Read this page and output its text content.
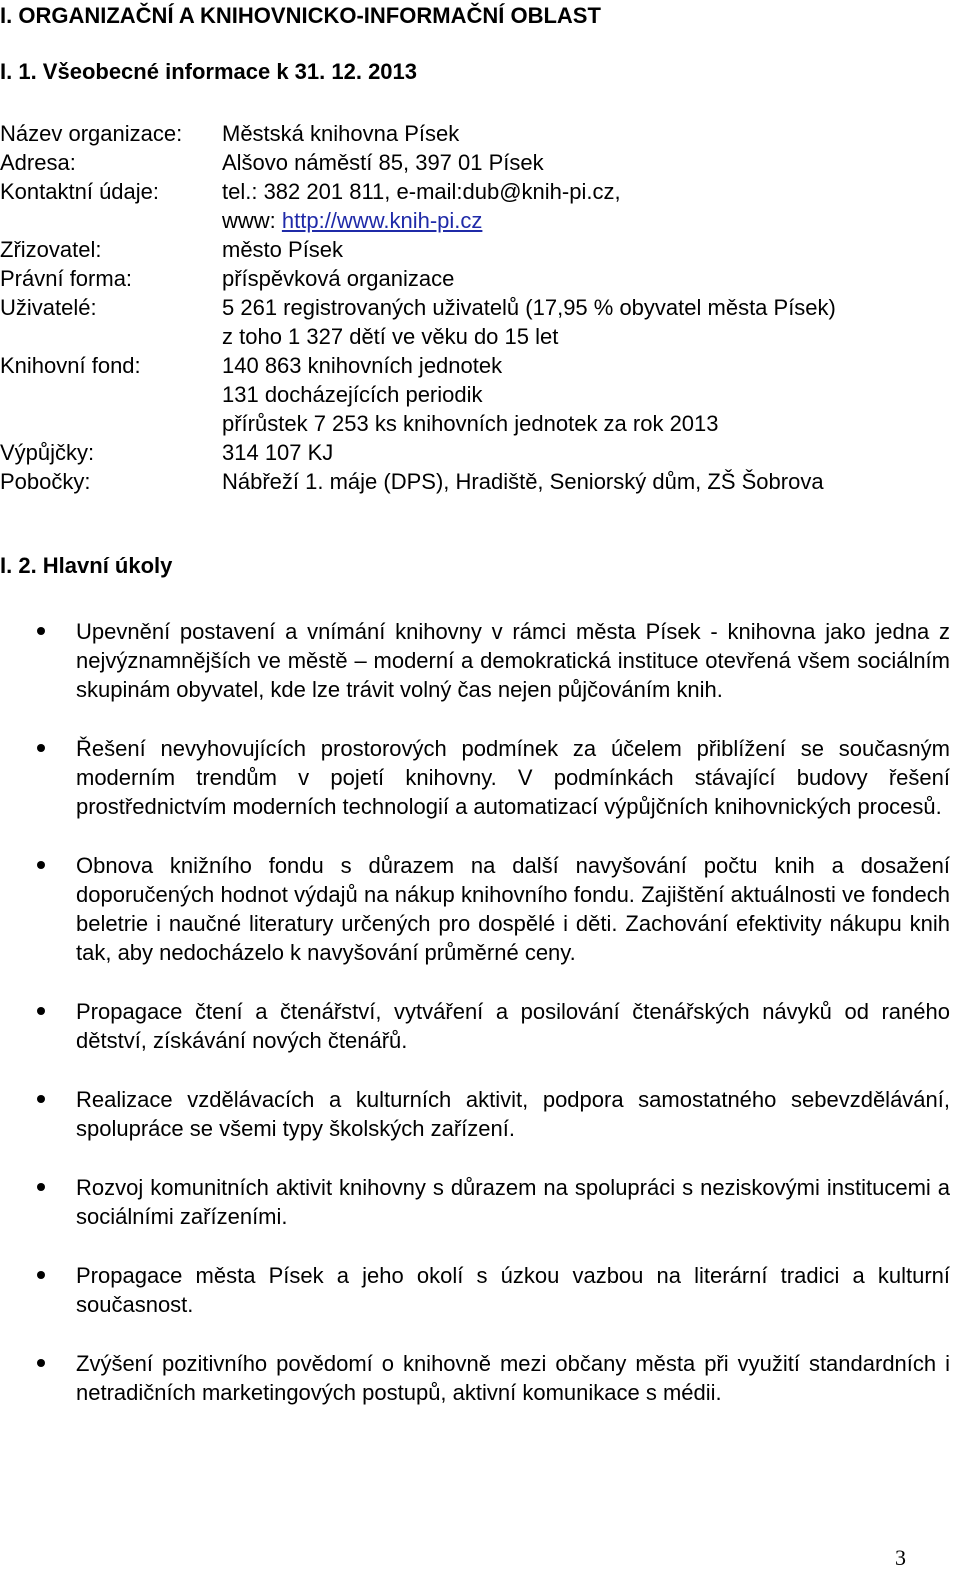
I. ORGANIZAČNÍ A KNIHOVNICKO-INFORMAČNÍ OBLAST
I. 1. Všeobecné informace k 31. 12. 2013
Název organizace:	Městská knihovna Písek
Adresa:	Alšovo náměstí 85, 397 01 Písek
Kontaktní údaje:	tel.: 382 201 811, e-mail:dub@knih-pi.cz,
www: http://www.knih-pi.cz
Zřizovatel:	město Písek
Právní forma:	příspěvková organizace
Uživatelé:	5 261 registrovaných uživatelů (17,95 % obyvatel města Písek)
z toho 1 327 dětí ve věku do 15 let
Knihovní fond:	140 863 knihovních jednotek
131 docházejících periodik
přírůstek 7 253 ks knihovních jednotek za rok 2013
Výpůjčky:	314 107 KJ
Pobočky:	Nábřeží 1. máje (DPS), Hradiště, Seniorský dům, ZŠ Šobrova
I. 2. Hlavní úkoly
Upevnění postavení a vnímání knihovny v rámci města Písek - knihovna jako jedna z nejvýznamnějších ve městě – moderní a demokratická instituce otevřená všem sociálním skupinám obyvatel, kde lze trávit volný čas nejen půjčováním knih.
Řešení nevyhovujících prostorových podmínek za účelem přiblížení se současným moderním trendům v pojetí knihovny. V podmínkách stávající budovy řešení prostřednictvím moderních technologií a automatizací výpůjčních knihovnických procesů.
Obnova knižního fondu s důrazem na další navyšování počtu knih a dosažení doporučených hodnot výdajů na nákup knihovního fondu. Zajištění aktuálnosti ve fondech beletrie i naučné literatury určených pro dospělé i děti. Zachování efektivity nákupu knih tak, aby nedocházelo k navyšování průměrné ceny.
Propagace čtení a čtenářství, vytváření a posilování čtenářských návyků od raného dětství, získávání nových čtenářů.
Realizace vzdělávacích a kulturních aktivit, podpora samostatného sebevzdělávání, spolupráce se všemi typy školských zařízení.
Rozvoj komunitních aktivit knihovny s důrazem na spolupráci s neziskovými institucemi a sociálními zařízeními.
Propagace města Písek a jeho okolí s úzkou vazbou na literární tradici a kulturní současnost.
Zvýšení pozitivního povědomí o knihovně mezi občany města při využití standardních i netradičních marketingových postupů, aktivní komunikace s médii.
3
